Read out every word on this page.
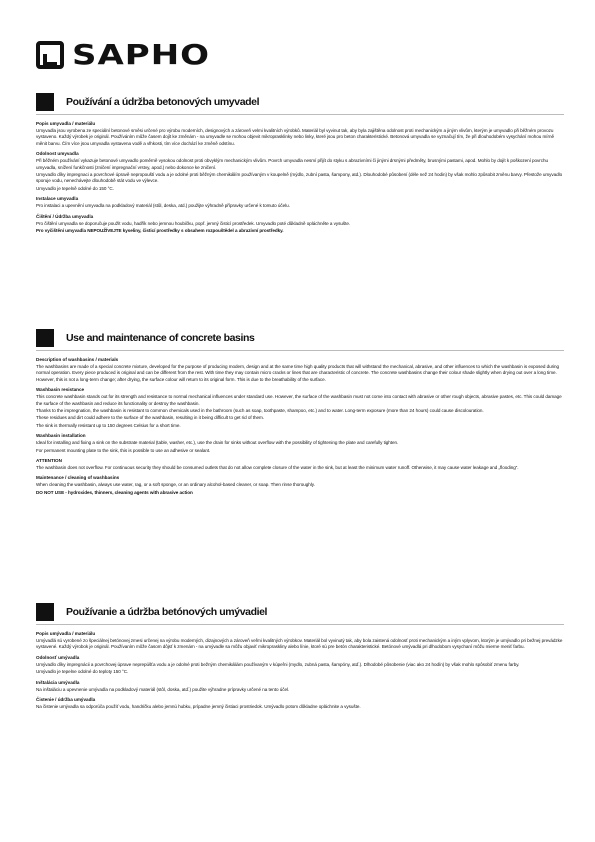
SAPHO
Používání a údržba betonových umyvadel
Popis umyvadla / materiálu
Umyvadla jsou vyrobena ze speciální betonové směsi určené pro výrobu moderních, designových a zároveň velmi kvalitních výrobků. Materiál byl vyvinut tak, aby byla zajištěna odolnost proti mechanickým a jiným vlivům, kterým je umyvadlo při běžném provozu vystaveno. Každý výrobek je originál. Používáním může časem dojít ke změnám - na umyvadle se mohou objevit mikroprasklinky nebo linky, které jsou pro beton charakteristické. Betonová umyvadla se vyznačují tím, že při dlouhodobém vysychání mohou mírně měnit barvu. Čím více jsou umyvadla vystavena vodě a vlhkosti, tím více dochází ke změně odstínu.
Odolnost umyvadla
Při běžném používání vykazuje betonové umyvadlo poměrně vysokou odolnost proti obvyklým mechanickým vlivům. Povrch umyvadla nesmí přijít do styku s abrazivními či jinými drsnými předměty, brusnými pastami, apod. Mohlo by dojít k poškození povrchu umyvadla, snížení funkčnosti (zničení impregnační vrstvy, apod.) nebo dokonce ke zničení.
Umyvadlo díky impregnaci a povrchové úpravě nepropouští vodu a je odolné proti běžným chemikáliím používaným v koupelně (mýdlo, zubní pasta, šampony, atd.). Dlouhodobé působení (déle než 24 hodin) by však mohlo způsobit změnu barvy. Přestože umyvadlo sporuje vodu, nenechávejte dlouhodobě stát vodu ve výlevce.
Umyvadlo je tepelně odolné do 150 °C.
Instalace umyvadla
Pro instalaci a upevnění umyvadla na podkladový materiál (stůl, deska, atd.) použijte výhradně přípravky určené k tomuto účelu.
Čištění / Údržba umyvadla
Pro čištění umyvadla se doporučuje použít vodu, hadřík nebo jemnou houbičku, popř. jemný čisticí prostředek. Umyvadlo poté důkladně opláchněte a vysušte.
Pro vyčištění umyvadla NEPOUŽÍVEJTE kyseliny, čisticí prostředky s obsahem rozpouštědel a abrazivní prostředky.
Use and maintenance of concrete basins
Description of washbasins / materials
The washbasins are made of a special concrete mixture, developed for the purpose of producing modern, design and at the same time high quality products that will withstand the mechanical, abrasive, and other influences to which the washbasin is exposed during normal operation. Every piece produced is original and can be different from the rest. With time they may contain micro cracks or lines that are characteristic of concrete. The concrete washbasins change their colour shade slightly when drying out over a long time. However, this is not a long-term change; after drying, the surface colour will return to its original form. This is due to the breathability of the surface.
Washbasin resistance
This concrete washbasin stands out for its strength and resistance to normal mechanical influences under standard use. However, the surface of the washbasin must not come into contact with abrasive or other rough objects, abrasive pastes, etc. This could damage the surface of the washbasin and reduce its functionality or destroy the washbasin.
Thanks to the impregnation, the washbasin is resistant to common chemicals used in the bathroom (such as soap, toothpaste, shampoo, etc.) and to water. Long-term exposure (more than 24 hours) could cause discolouration.
These residues and dirt could adhere to the surface of the washbasin, resulting in it being difficult to get rid of them.
The sink is thermally resistant up to 150 degrees Celsius for a short time.
Washbasin installation
Ideal for installing and fixing a sink on the substrate material (table, washer, etc.), use the drain for sinks without overflow with the possibility of tightening the plate and carefully tighten.
For permanent mounting plate to the sink, this is possible to use an adhesive or sealant.
ATTENTION
The washbasin does not overflow. For continuous security they should be consumed outlets that do not allow complete closure of the water in the sink, but at least the minimum water runoff. Otherwise, it may cause water leakage and „flooding“.
Maintenance / cleaning of washbasins
When cleaning the washbasin, always use water, rag, or a soft sponge, or an ordinary alcohol-based cleaner, or soap. Then rinse thoroughly.
DO NOT USE - hydroxides, thinners, cleaning agents with abrasive action
Používanie a údržba betónových umývadiel
Popis umývadla / materiálu
Umývadlá sú vyrobené zo špeciálnej betónovej zmesi určenej na výrobu moderných, dizajnových a zároveň veľmi kvalitných výrobkov. Materiál bol vyvinutý tak, aby bola zaistená odolnosť proti mechanickým a iným vplyvom, ktorým je umývadlo pri bežnej prevádzke vystavené. Každý výrobok je originál. Používaním môže časom dôjsť k zmenám - na umývadle sa môžu objaviť mikropraskliny alebo línie, ktoré sú pre betón charakteristické. Betónové umývadlá pri dlhodobom vysychaní môžu mierne meniť farbu.
Odolnosť umývadla
Umývadlo díky impregnácii a povrchovej úprave neprepúšťa vodu a je odolné proti bežným chemikáliám používaným v kúpeľni (mydlo, zubná pasta, šampóny, atď.). Dlhodobé pôsobenie (viac ako 24 hodín) by však mohlo spôsobiť zmenu farby.
Umývadlo je tepelne odolné do teploty 150 °C.
Inštalácia umývadla
Na inštaláciu a upevnenie umývadla na podkladový materiál (stôl, doska, atď.) použite výhradne prípravky určené na tento účel.
Čistenie / údržba umývadla
Na čistenie umývadla sa odporúča použiť vodu, handričku alebo jemnú hubku, prípadne jemný čistiaci prostriedok. Umývadlo potom dôkladne opláchnite a vysušte.
